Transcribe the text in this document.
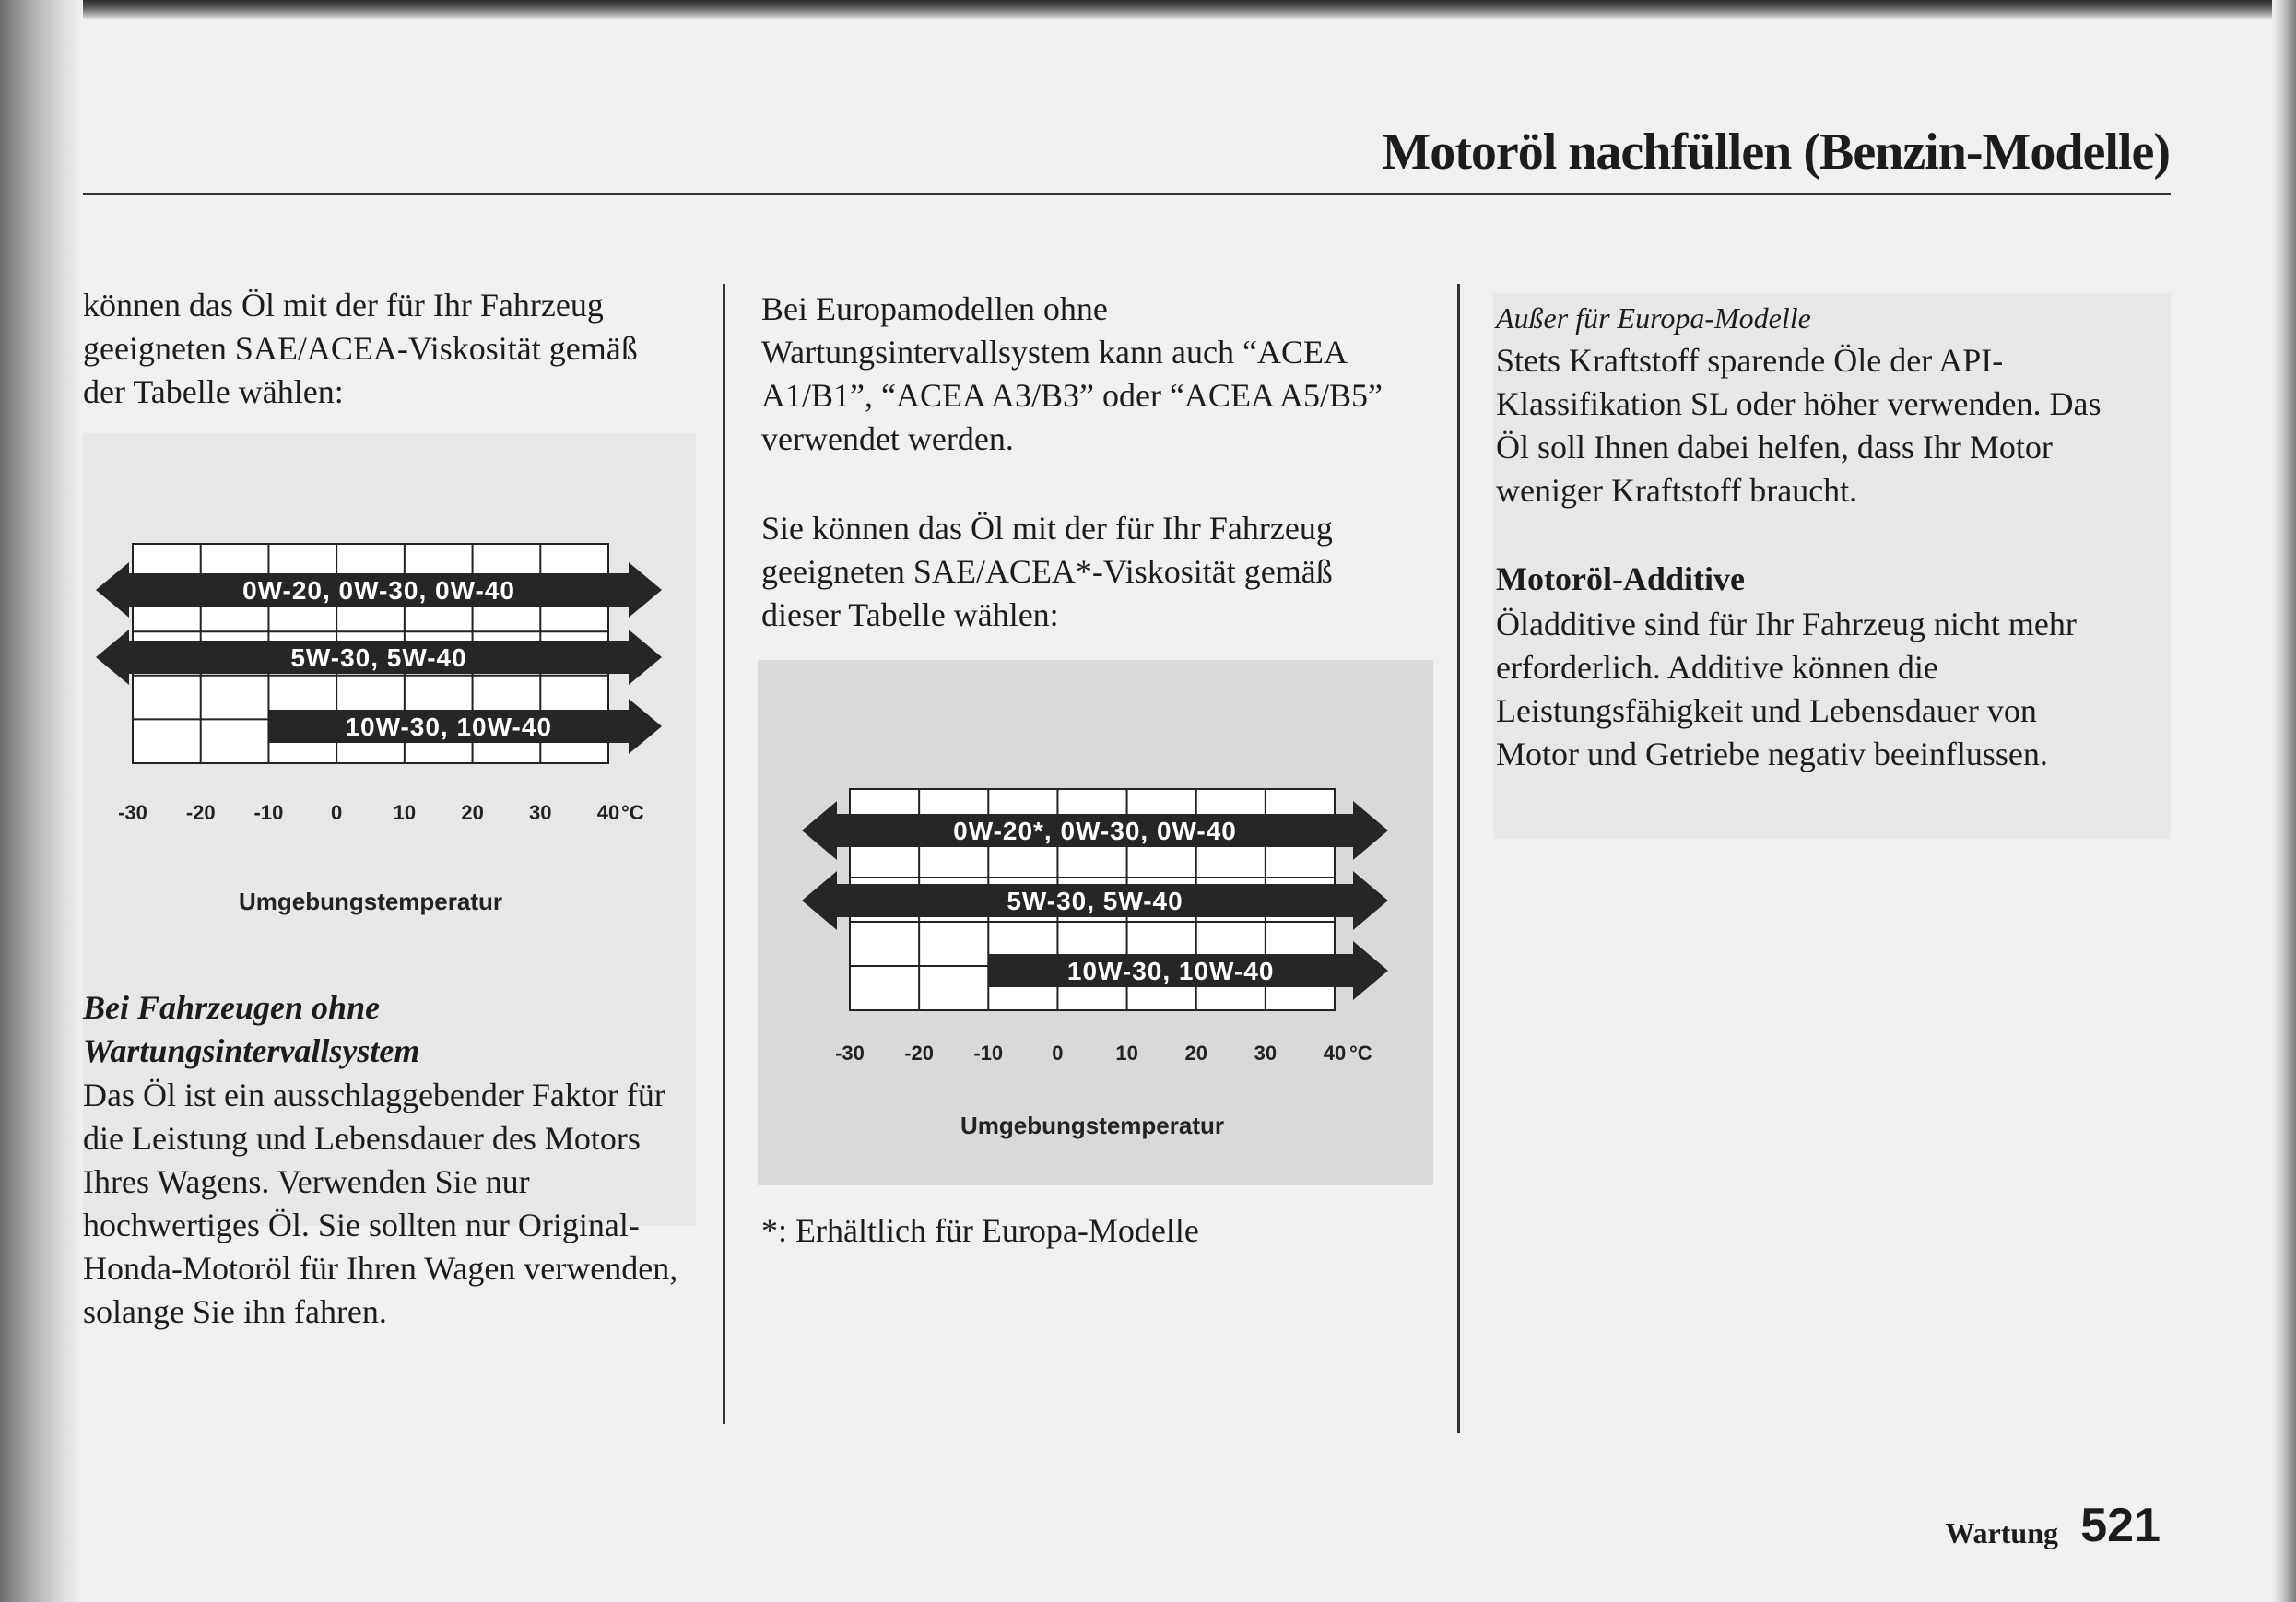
Motoröl nachfüllen (Benzin-Modelle)

können das Öl mit der für Ihr Fahrzeug

geeigneten SAE/ACEA-Viskosität gemäß

der Tabelle wählen:

0W-20, 0W-30, 0W-40
5W-30, 5W-40
10W-30, 10W-40
-30 -20 -10 0	10 20 30 40 °C
Umgebungstemperatur

Bei Fahrzeugen ohne

Wartungsintervallsystem

Das Öl ist ein ausschlaggebender Faktor für

die Leistung und Lebensdauer des Motors

Ihres Wagens. Verwenden Sie nur

hochwertiges Öl. Sie sollten nur Original-

Honda-Motoröl für Ihren Wagen verwenden,

solange Sie ihn fahren.

Bei Europamodellen ohne

Wartungsintervallsystem kann auch “ACEA

A1/B1”, “ACEA A3/B3” oder “ACEA A5/B5”

verwendet werden.

Sie können das Öl mit der für Ihr Fahrzeug

geeigneten SAE/ACEA*-Viskosität gemäß

dieser Tabelle wählen:

0W-20*, 0W-30, 0W-40
5W-30, 5W-40
10W-30, 10W-40
-30 -20 -10 0	10 20 30 40 °C
Umgebungstemperatur
*: Erhältlich für Europa-Modelle
Außer für Europa-Modelle

Stets Kraftstoff sparende Öle der API-

Klassifikation SL oder höher verwenden. Das

Öl soll Ihnen dabei helfen, dass Ihr Motor

weniger Kraftstoff braucht.

Motoröl-Additive

Öladditive sind für Ihr Fahrzeug nicht mehr

erforderlich. Additive können die

Leistungsfähigkeit und Lebensdauer von

Motor und Getriebe negativ beeinflussen.

Wartung 521
